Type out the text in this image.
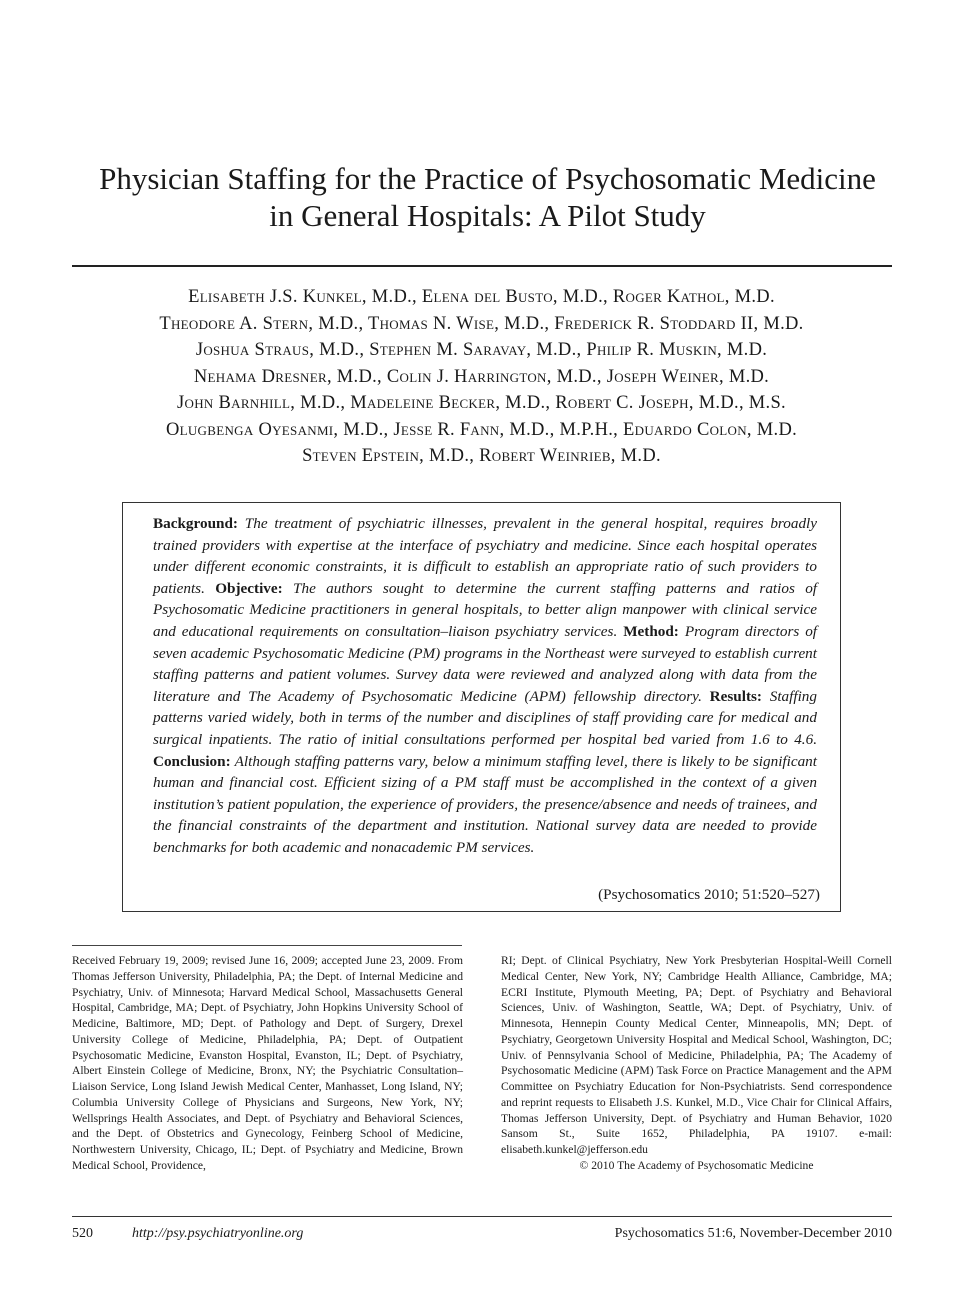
Physician Staffing for the Practice of Psychosomatic Medicine
in General Hospitals: A Pilot Study
Elisabeth J.S. Kunkel, M.D., Elena del Busto, M.D., Roger Kathol, M.D.
Theodore A. Stern, M.D., Thomas N. Wise, M.D., Frederick R. Stoddard II, M.D.
Joshua Straus, M.D., Stephen M. Saravay, M.D., Philip R. Muskin, M.D.
Nehama Dresner, M.D., Colin J. Harrington, M.D., Joseph Weiner, M.D.
John Barnhill, M.D., Madeleine Becker, M.D., Robert C. Joseph, M.D., M.S.
Olugbenga Oyesanmi, M.D., Jesse R. Fann, M.D., M.P.H., Eduardo Colon, M.D.
Steven Epstein, M.D., Robert Weinrieb, M.D.
Background: The treatment of psychiatric illnesses, prevalent in the general hospital, requires broadly trained providers with expertise at the interface of psychiatry and medicine. Since each hospital operates under different economic constraints, it is difficult to establish an appropriate ratio of such providers to patients. Objective: The authors sought to determine the current staffing patterns and ratios of Psychosomatic Medicine practitioners in general hospitals, to better align manpower with clinical service and educational requirements on consultation–liaison psychiatry services. Method: Program directors of seven academic Psychosomatic Medicine (PM) programs in the Northeast were surveyed to establish current staffing patterns and patient volumes. Survey data were reviewed and analyzed along with data from the literature and The Academy of Psychosomatic Medicine (APM) fellowship directory. Results: Staffing patterns varied widely, both in terms of the number and disciplines of staff providing care for medical and surgical inpatients. The ratio of initial consultations performed per hospital bed varied from 1.6 to 4.6. Conclusion: Although staffing patterns vary, below a minimum staffing level, there is likely to be significant human and financial cost. Efficient sizing of a PM staff must be accomplished in the context of a given institution’s patient population, the experience of providers, the presence/absence and needs of trainees, and the financial constraints of the department and institution. National survey data are needed to provide benchmarks for both academic and nonacademic PM services.
(Psychosomatics 2010; 51:520–527)
Received February 19, 2009; revised June 16, 2009; accepted June 23, 2009. From Thomas Jefferson University, Philadelphia, PA; the Dept. of Internal Medicine and Psychiatry, Univ. of Minnesota; Harvard Medical School, Massachusetts General Hospital, Cambridge, MA; Dept. of Psychiatry, John Hopkins University School of Medicine, Baltimore, MD; Dept. of Pathology and Dept. of Surgery, Drexel University College of Medicine, Philadelphia, PA; Dept. of Outpatient Psychosomatic Medicine, Evanston Hospital, Evanston, IL; Dept. of Psychiatry, Albert Einstein College of Medicine, Bronx, NY; the Psychiatric Consultation–Liaison Service, Long Island Jewish Medical Center, Manhasset, Long Island, NY; Columbia University College of Physicians and Surgeons, New York, NY; Wellsprings Health Associates, and Dept. of Psychiatry and Behavioral Sciences, and the Dept. of Obstetrics and Gynecology, Feinberg School of Medicine, Northwestern University, Chicago, IL; Dept. of Psychiatry and Medicine, Brown Medical School, Providence,
RI; Dept. of Clinical Psychiatry, New York Presbyterian Hospital-Weill Cornell Medical Center, New York, NY; Cambridge Health Alliance, Cambridge, MA; ECRI Institute, Plymouth Meeting, PA; Dept. of Psychiatry and Behavioral Sciences, Univ. of Washington, Seattle, WA; Dept. of Psychiatry, Univ. of Minnesota, Hennepin County Medical Center, Minneapolis, MN; Dept. of Psychiatry, Georgetown University Hospital and Medical School, Washington, DC; Univ. of Pennsylvania School of Medicine, Philadelphia, PA; The Academy of Psychosomatic Medicine (APM) Task Force on Practice Management and the APM Committee on Psychiatry Education for Non-Psychiatrists. Send correspondence and reprint requests to Elisabeth J.S. Kunkel, M.D., Vice Chair for Clinical Affairs, Thomas Jefferson University, Dept. of Psychiatry and Human Behavior, 1020 Sansom St., Suite 1652, Philadelphia, PA 19107. e-mail: elisabeth.kunkel@jefferson.edu
© 2010 The Academy of Psychosomatic Medicine
520	http://psy.psychiatryonline.org	Psychosomatics 51:6, November-December 2010
